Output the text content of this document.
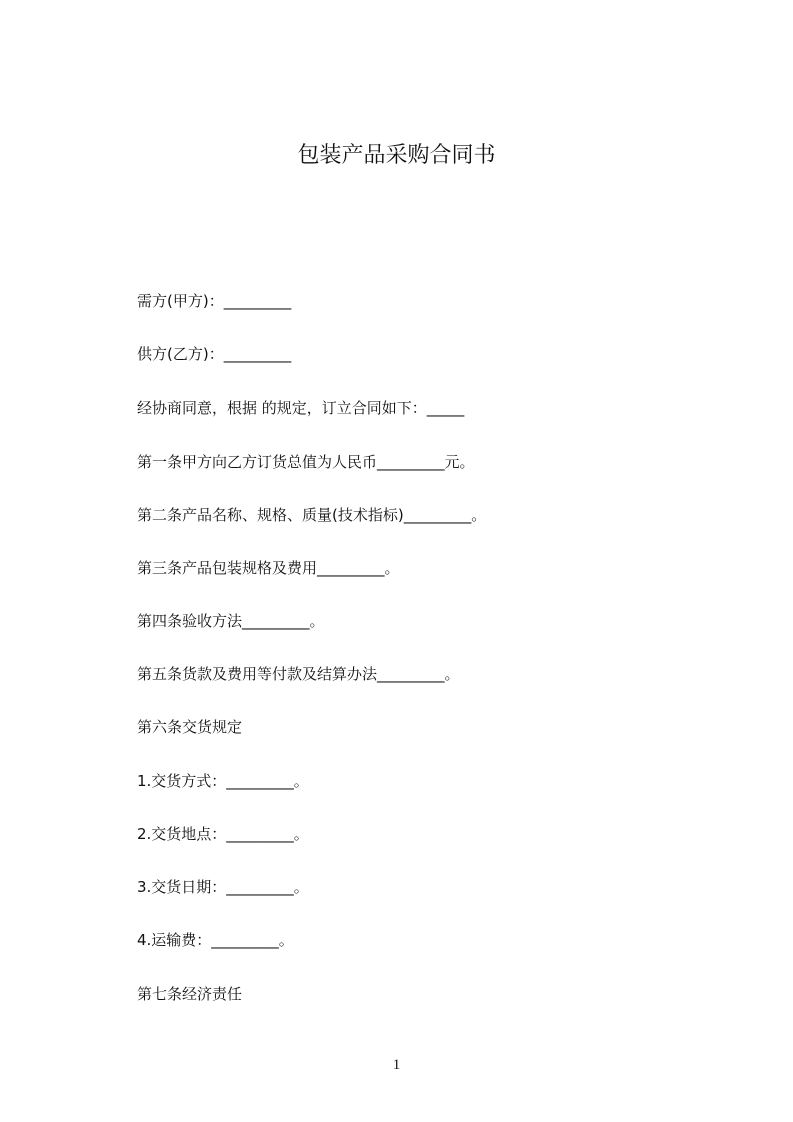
包装产品采购合同书
需方(甲方)：_________
供方(乙方)：_________
经协商同意，根据 的规定，订立合同如下：_____
第一条甲方向乙方订货总值为人民币_________元。
第二条产品名称、规格、质量(技术指标)_________。
第三条产品包装规格及费用_________。
第四条验收方法_________。
第五条货款及费用等付款及结算办法_________。
第六条交货规定
1.交货方式：_________。
2.交货地点：_________。
3.交货日期：_________。
4.运输费：_________。
第七条经济责任
1
